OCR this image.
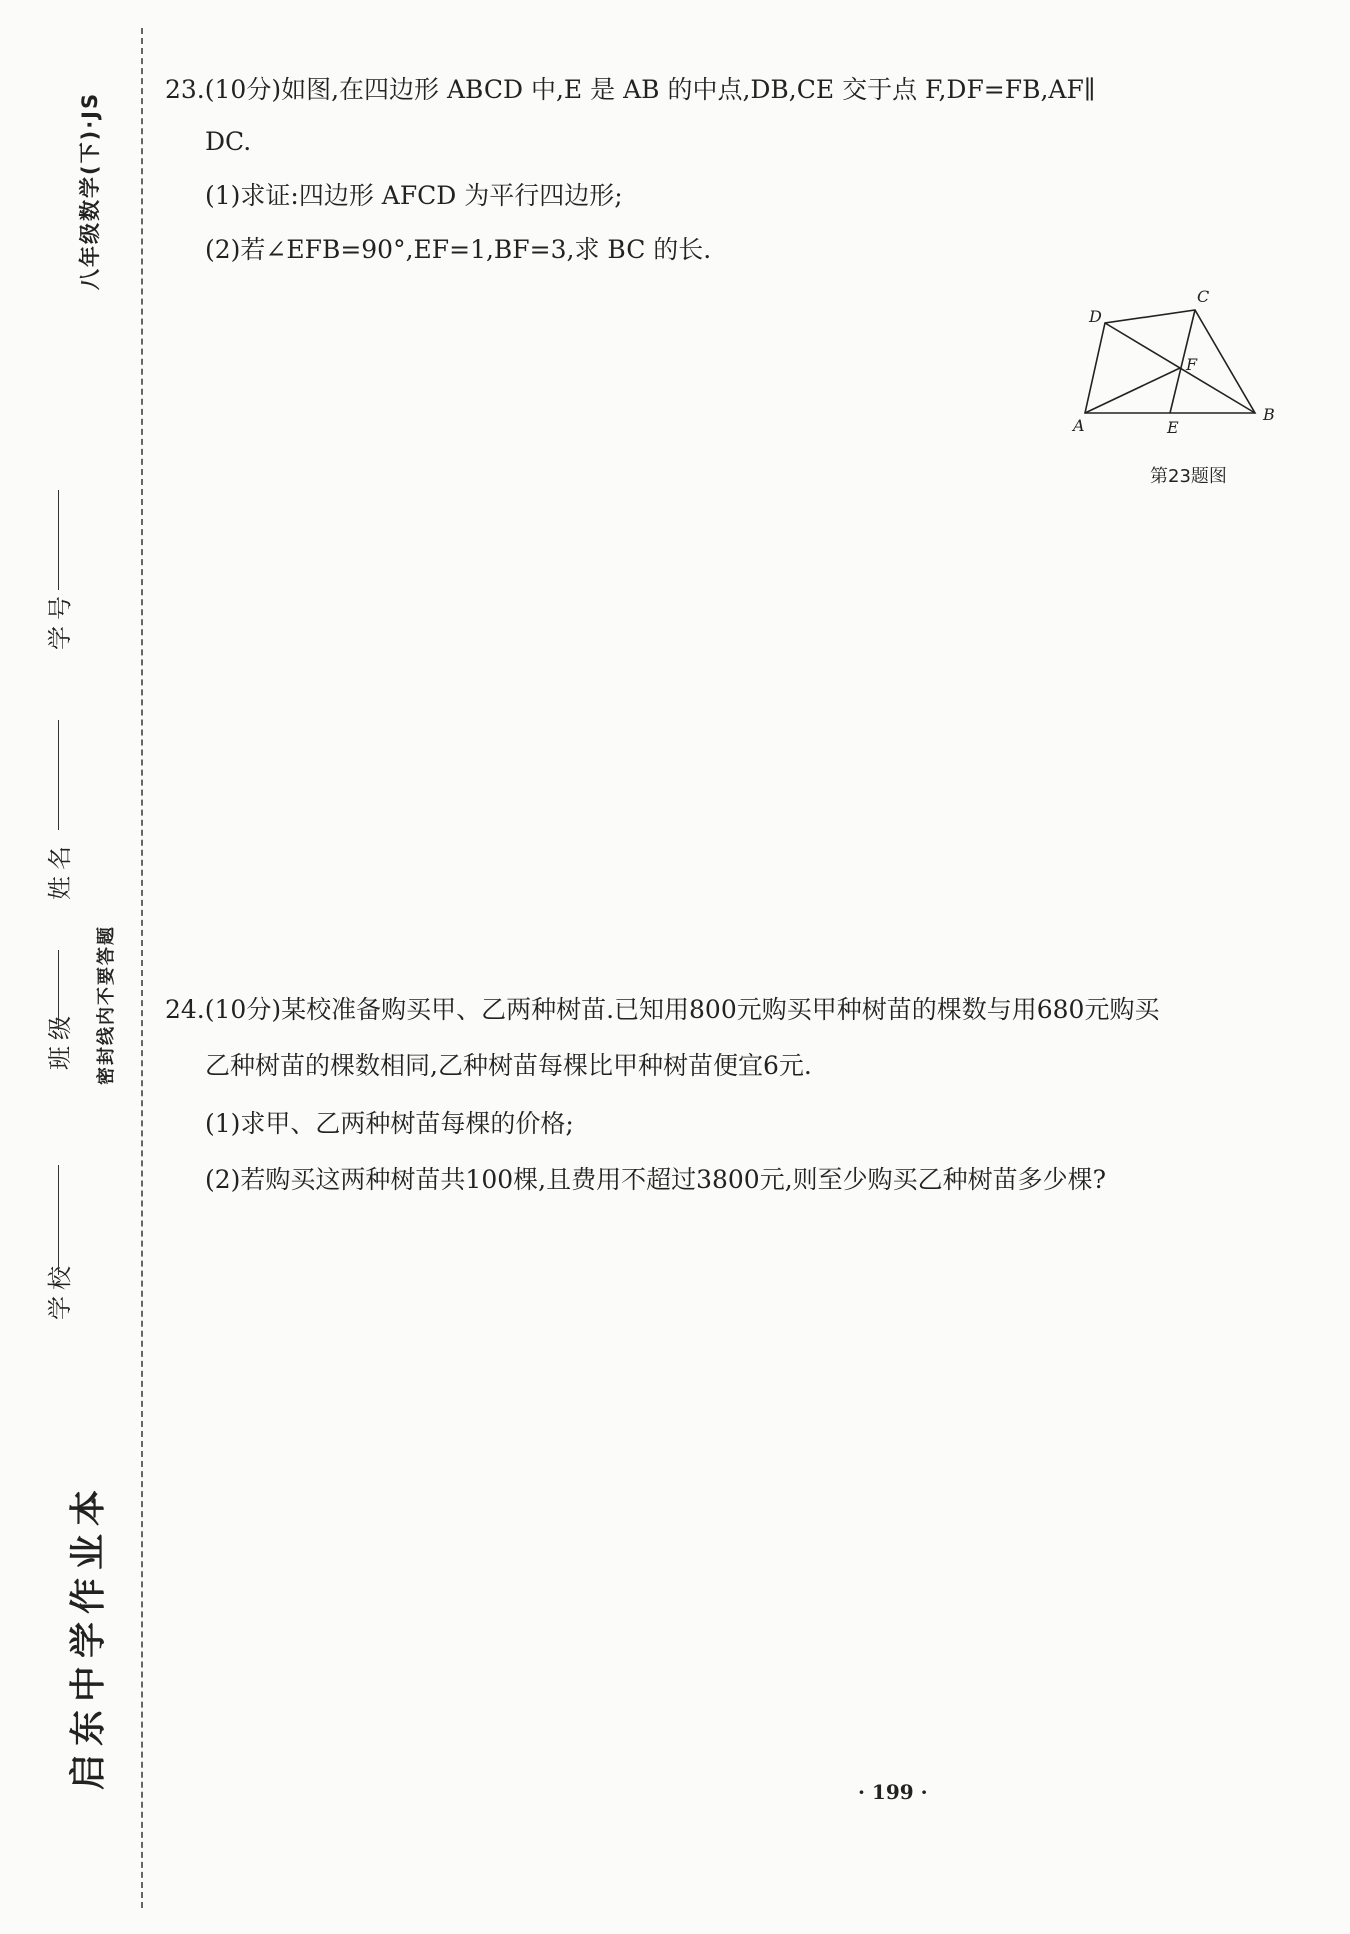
八年级数学(下)·JS
密封线内不要答题
学号
姓名
班级
学校
启东中学作业本
23.(10分)如图,在四边形 ABCD 中,E 是 AB 的中点,DB,CE 交于点 F,DF=FB,AF∥
DC.
(1)求证:四边形 AFCD 为平行四边形;
(2)若∠EFB=90°,EF=1,BF=3,求 BC 的长.
A
B
C
D
E
F
第23题图
24.(10分)某校准备购买甲、乙两种树苗.已知用800元购买甲种树苗的棵数与用680元购买
乙种树苗的棵数相同,乙种树苗每棵比甲种树苗便宜6元.
(1)求甲、乙两种树苗每棵的价格;
(2)若购买这两种树苗共100棵,且费用不超过3800元,则至少购买乙种树苗多少棵?
· 199 ·
